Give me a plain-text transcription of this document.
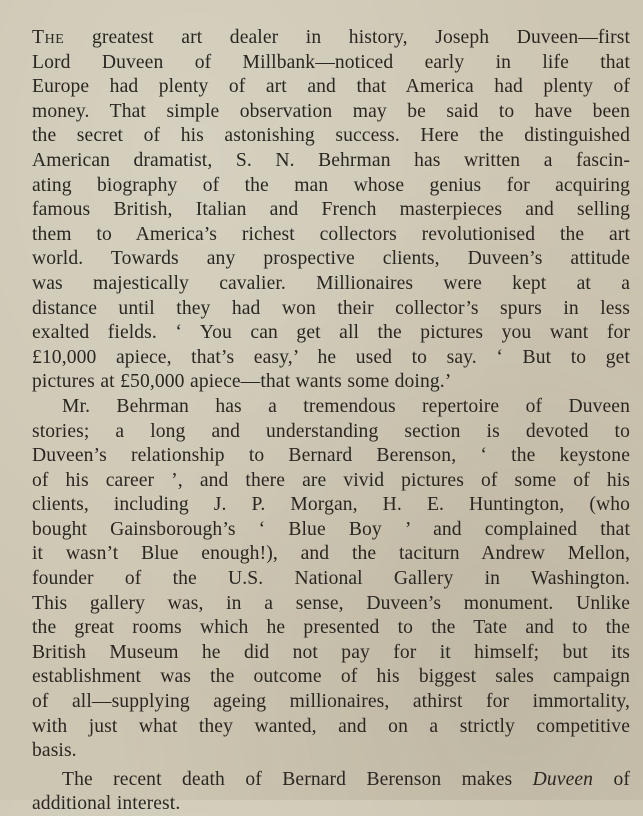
The greatest art dealer in history, Joseph Duveen—first
Lord Duveen of Millbank—noticed early in life that
Europe had plenty of art and that America had plenty of
money. That simple observation may be said to have been
the secret of his astonishing success. Here the distinguished
American dramatist, S. N. Behrman has written a fascin-
ating biography of the man whose genius for acquiring
famous British, Italian and French masterpieces and selling
them to America’s richest collectors revolutionised the art
world. Towards any prospective clients, Duveen’s attitude
was majestically cavalier. Millionaires were kept at a
distance until they had won their collector’s spurs in less
exalted fields. ‘ You can get all the pictures you want for
£10,000 apiece, that’s easy,’ he used to say. ‘ But to get
pictures at £50,000 apiece—that wants some doing.’
Mr. Behrman has a tremendous repertoire of Duveen
stories; a long and understanding section is devoted to
Duveen’s relationship to Bernard Berenson, ‘ the keystone
of his career ’, and there are vivid pictures of some of his
clients, including J. P. Morgan, H. E. Huntington, (who
bought Gainsborough’s ‘ Blue Boy ’ and complained that
it wasn’t Blue enough!), and the taciturn Andrew Mellon,
founder of the U.S. National Gallery in Washington.
This gallery was, in a sense, Duveen’s monument. Unlike
the great rooms which he presented to the Tate and to the
British Museum he did not pay for it himself; but its
establishment was the outcome of his biggest sales campaign
of all—supplying ageing millionaires, athirst for immortality,
with just what they wanted, and on a strictly competitive
basis.
The recent death of Bernard Berenson makes Duveen of
additional interest.
